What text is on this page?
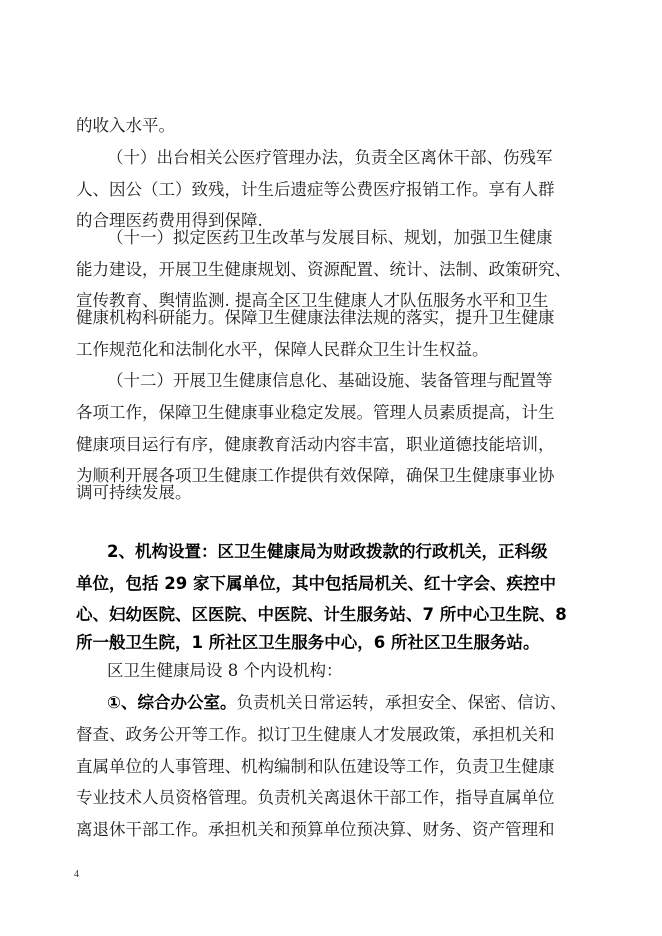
的收入水平。
（十）出台相关公医疗管理办法，负责全区离休干部、伤残军
人、因公（工）致残，计生后遗症等公费医疗报销工作。享有人群
的合理医药费用得到保障.
（十一）拟定医药卫生改革与发展目标、规划，加强卫生健康
能力建设，开展卫生健康规划、资源配置、统计、法制、政策研究、
宣传教育、舆情监测. 提高全区卫生健康人才队伍服务水平和卫生
健康机构科研能力。保障卫生健康法律法规的落实，提升卫生健康
工作规范化和法制化水平，保障人民群众卫生计生权益。
（十二）开展卫生健康信息化、基础设施、装备管理与配置等
各项工作，保障卫生健康事业稳定发展。管理人员素质提高，计生
健康项目运行有序，健康教育活动内容丰富，职业道德技能培训，
为顺利开展各项卫生健康工作提供有效保障，确保卫生健康事业协
调可持续发展。
2、机构设置：区卫生健康局为财政拨款的行政机关，正科级
单位，包括 29 家下属单位，其中包括局机关、红十字会、疾控中
心、妇幼医院、区医院、中医院、计生服务站、7 所中心卫生院、8
所一般卫生院，1 所社区卫生服务中心，6 所社区卫生服务站。
区卫生健康局设 8 个内设机构：
①、综合办公室。负责机关日常运转，承担安全、保密、信访、
督查、政务公开等工作。拟订卫生健康人才发展政策，承担机关和
直属单位的人事管理、机构编制和队伍建设等工作，负责卫生健康
专业技术人员资格管理。负责机关离退休干部工作，指导直属单位
离退休干部工作。承担机关和预算单位预决算、财务、资产管理和
4
